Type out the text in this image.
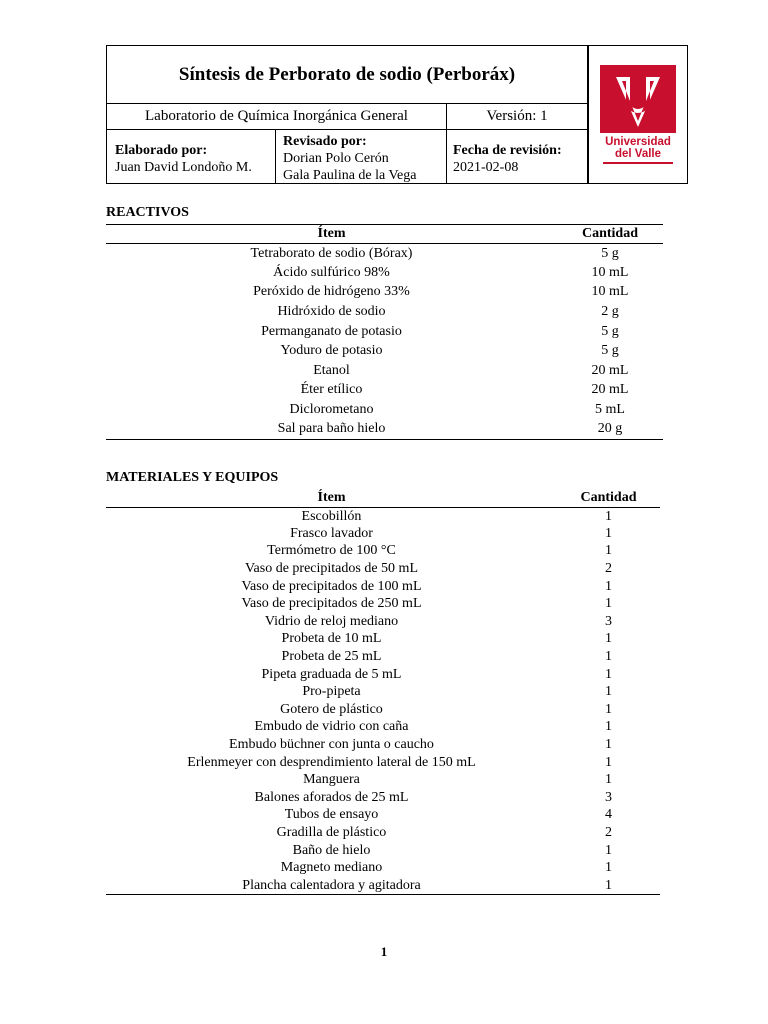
Síntesis de Perborato de sodio (Perboráx)
Laboratorio de Química Inorgánica General	Versión: 1
Elaborado por:
Juan David Londoño M.
Revisado por:
Dorian Polo Cerón
Gala Paulina de la Vega
Fecha de revisión:
2021-02-08
Universidad
del Valle
REACTIVOS
Ítem	Cantidad
Tetraborato de sodio (Bórax)	5 g
Ácido sulfúrico 98%	10 mL
Peróxido de hidrógeno 33%	10 mL
Hidróxido de sodio	2 g
Permanganato de potasio	5 g
Yoduro de potasio	5 g
Etanol	20 mL
Éter etílico	20 mL
Diclorometano	5 mL
Sal para baño hielo	20 g
MATERIALES Y EQUIPOS
Ítem	Cantidad
Escobillón	1
Frasco lavador	1
Termómetro de 100 °C	1
Vaso de precipitados de 50 mL	2
Vaso de precipitados de 100 mL	1
Vaso de precipitados de 250 mL	1
Vidrio de reloj mediano	3
Probeta de 10 mL	1
Probeta de 25 mL	1
Pipeta graduada de 5 mL	1
Pro-pipeta	1
Gotero de plástico	1
Embudo de vidrio con caña	1
Embudo büchner con junta o caucho	1
Erlenmeyer con desprendimiento lateral de 150 mL	1
Manguera	1
Balones aforados de 25 mL	3
Tubos de ensayo	4
Gradilla de plástico	2
Baño de hielo	1
Magneto mediano	1
Plancha calentadora y agitadora	1
1
